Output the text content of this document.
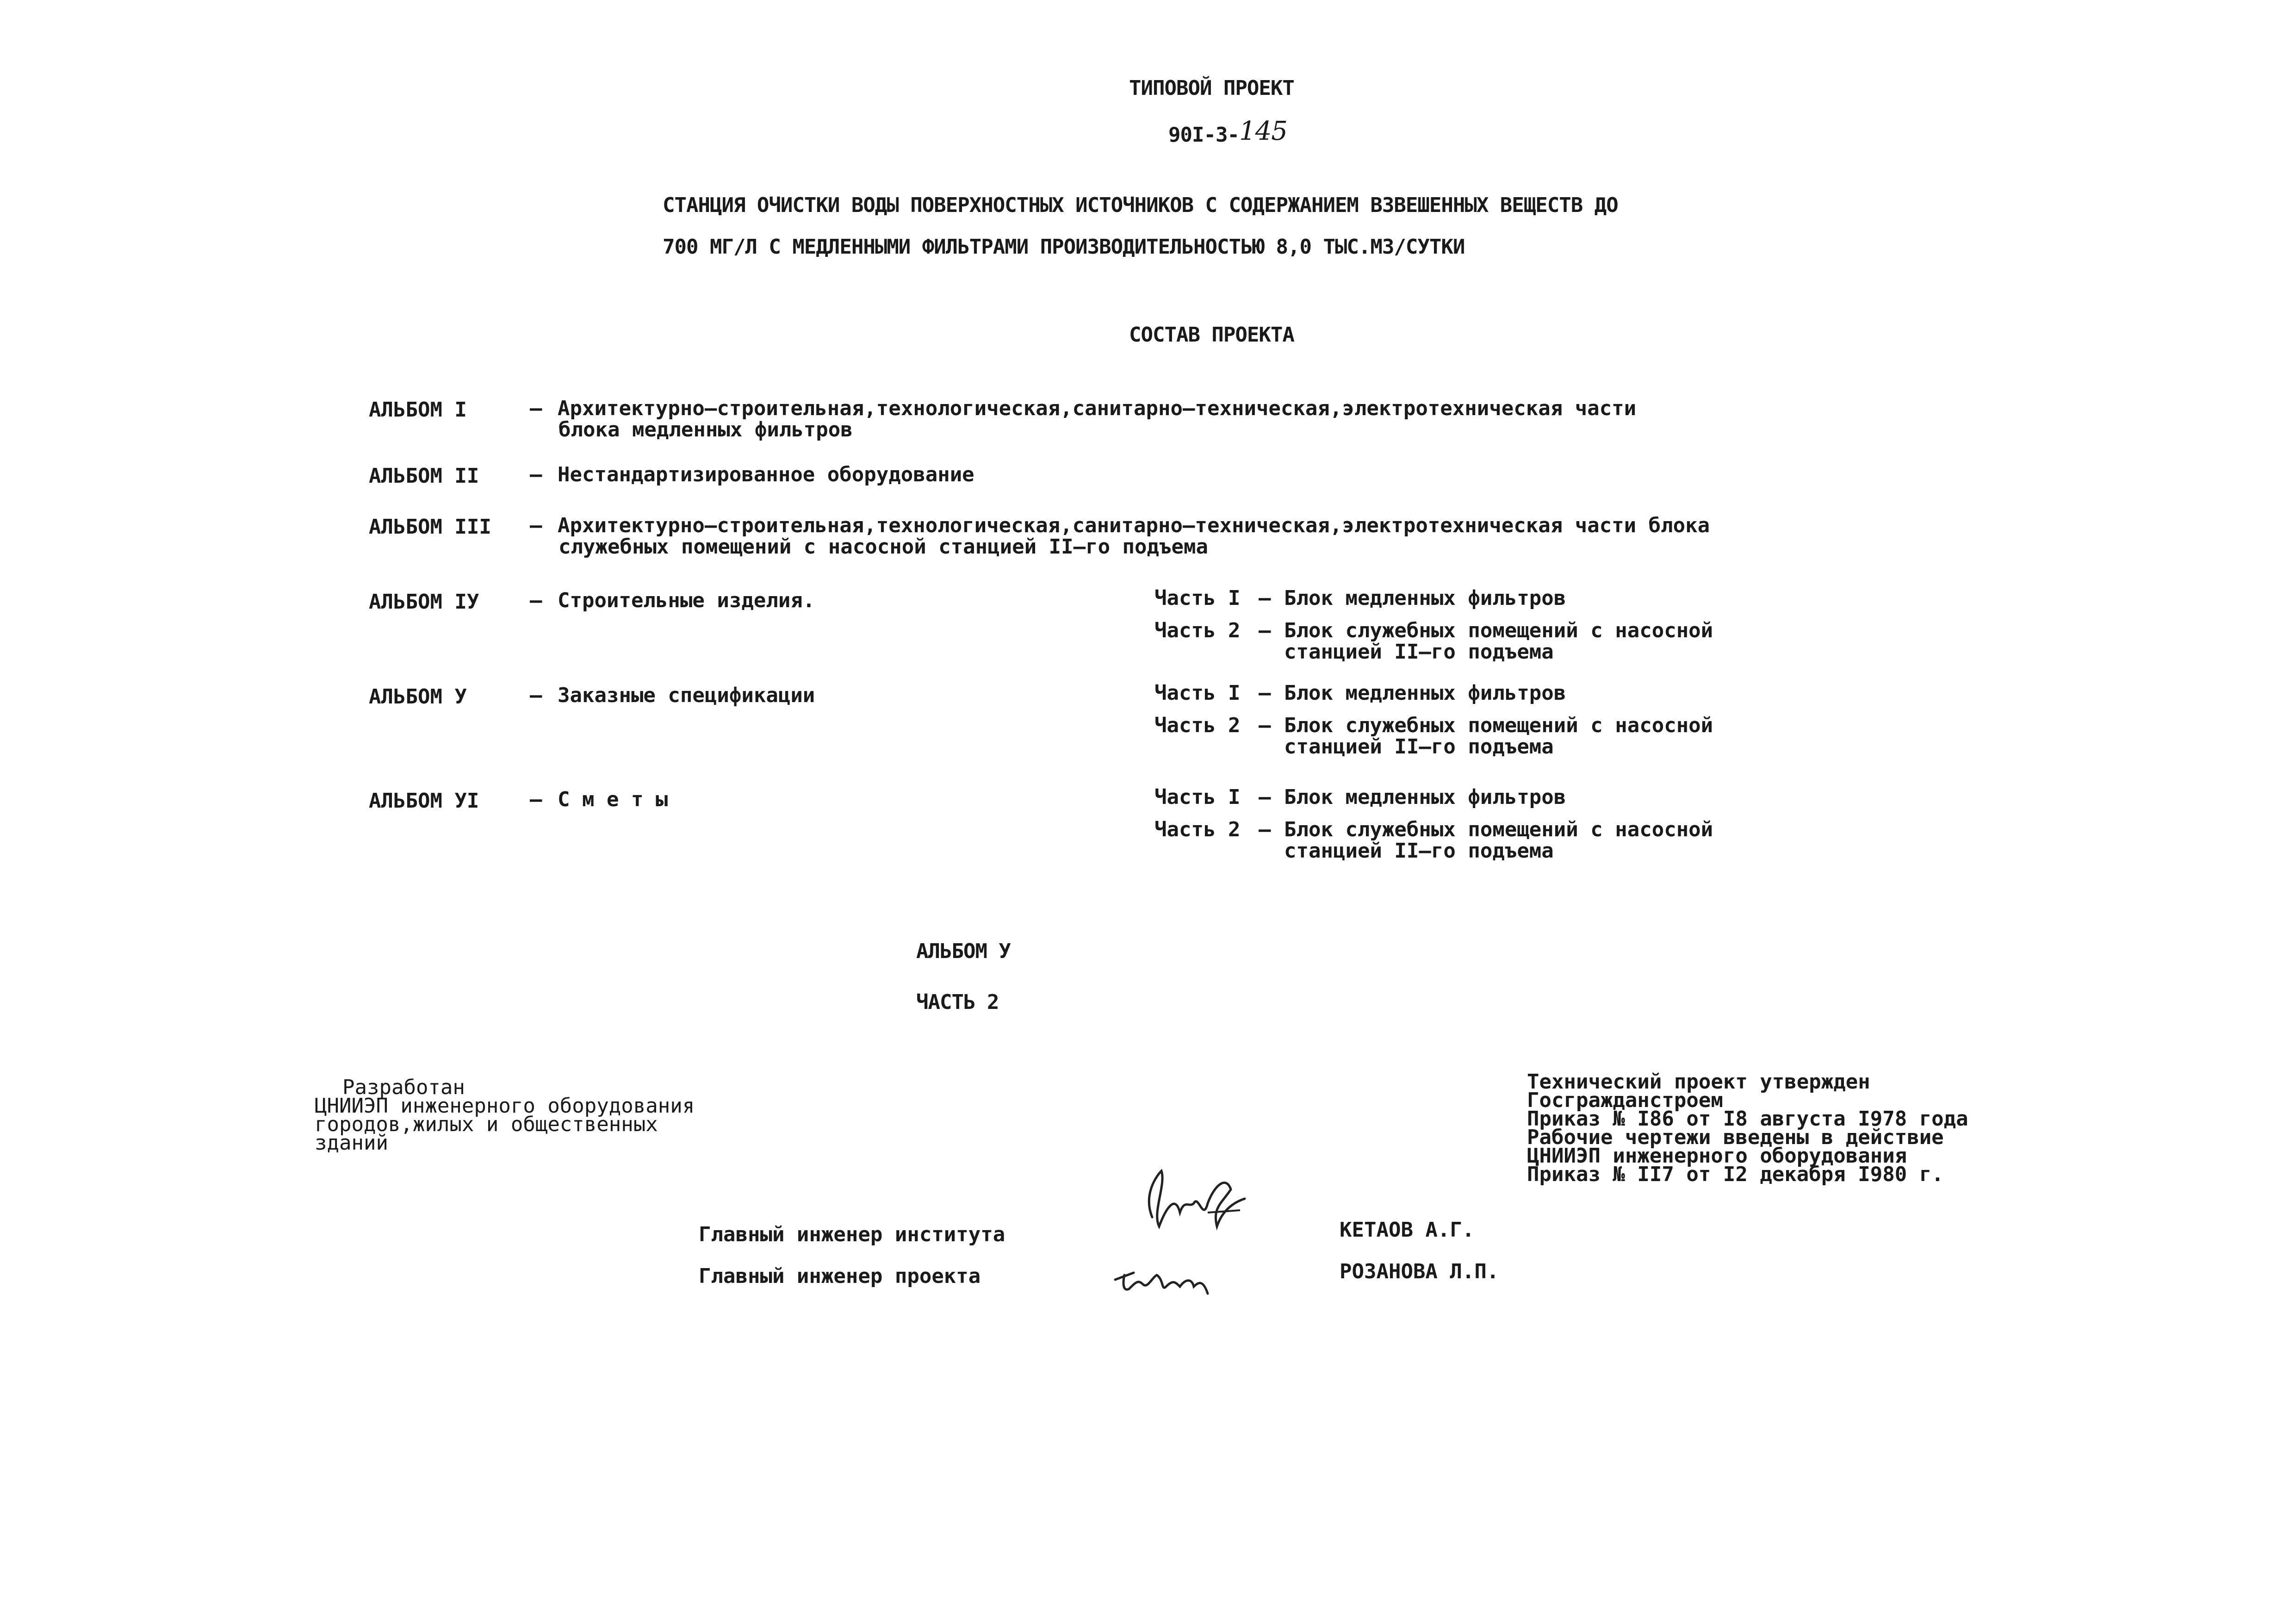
ТИПОВОЙ ПРОЕКТ
90I-3-145
СТАНЦИЯ ОЧИСТКИ ВОДЫ ПОВЕРХНОСТНЫХ ИСТОЧНИКОВ С СОДЕРЖАНИЕМ ВЗВЕШЕННЫХ ВЕЩЕСТВ ДО
700 МГ/Л С МЕДЛЕННЫМИ ФИЛЬТРАМИ ПРОИЗВОДИТЕЛЬНОСТЬЮ 8,0 ТЫС.М3/СУТКИ
СОСТАВ ПРОЕКТА
АЛЬБОМ I	– Архитектурно–строительная,технологическая,санитарно–техническая,электротехническая части
блока медленных фильтров
АЛЬБОМ II – Нестандартизированное оборудование
АЛЬБОМ III – Архитектурно–строительная,технологическая,санитарно–техническая,электротехническая части блока
служебных помещений с насосной станцией II–го подъема
АЛЬБОМ IУ – Строительные изделия.	Часть I – Блок медленных фильтров
Часть 2 – Блок служебных помещений с насосной
станцией II–го подъема
АЛЬБОМ У	– Заказные спецификации	Часть I – Блок медленных фильтров
Часть 2 – Блок служебных помещений с насосной
станцией II–го подъема
АЛЬБОМ УI – С м е т ы	Часть I – Блок медленных фильтров
Часть 2 – Блок служебных помещений с насосной
станцией II–го подъема
АЛЬБОМ У
ЧАСТЬ 2
Разработан
ЦНИИЭП инженерного оборудования
городов,жилых и общественных
зданий
Технический проект утвержден
Госгражданстроем
Приказ № I86 от I8 августа I978 года
Рабочие чертежи введены в действие
ЦНИИЭП инженерного оборудования
Приказ № II7 от I2 декабря I980 г.
Главный инженер института	КЕТАОВ А.Г.
Главный инженер проекта	РОЗАНОВА Л.П.
